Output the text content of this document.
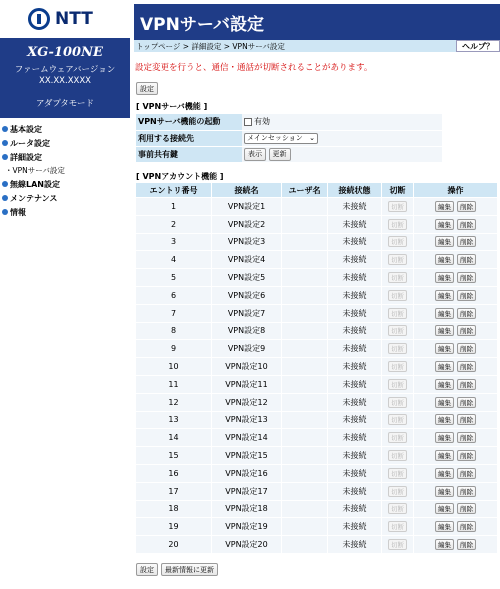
NTT
XG-100NE
ファームウェアバージョン
XX.XX.XXXX
アダプタモード
基本設定
ルータ設定
詳細設定
・VPNサーバ設定
無線LAN設定
メンテナンス
情報
VPNサーバ設定
トップページ > 詳細設定 > VPNサーバ設定	ヘルプ？
設定変更を行うと、通信・通話が切断されることがあります。
設定
[ VPNサーバ機能 ]
VPNサーバ機能の起動	有効
利用する接続先	メインセッション ⌄

事前共有鍵	表示 更新
[ VPNアカウント機能 ]
エントリ番号	接続名	ユーザ名	接続状態	切断	操作
1	VPN設定1		未接続	切断	編集 削除
2	VPN設定2		未接続	切断	編集 削除
3	VPN設定3		未接続	切断	編集 削除
4	VPN設定4		未接続	切断	編集 削除
5	VPN設定5		未接続	切断	編集 削除
6	VPN設定6		未接続	切断	編集 削除
7	VPN設定7		未接続	切断	編集 削除
8	VPN設定8		未接続	切断	編集 削除
9	VPN設定9		未接続	切断	編集 削除
10	VPN設定10		未接続	切断	編集 削除
11	VPN設定11		未接続	切断	編集 削除
12	VPN設定12		未接続	切断	編集 削除
13	VPN設定13		未接続	切断	編集 削除
14	VPN設定14		未接続	切断	編集 削除
15	VPN設定15		未接続	切断	編集 削除
16	VPN設定16		未接続	切断	編集 削除
17	VPN設定17		未接続	切断	編集 削除
18	VPN設定18		未接続	切断	編集 削除
19	VPN設定19		未接続	切断	編集 削除
20	VPN設定20		未接続	切断	編集 削除
設定	最新情報に更新
